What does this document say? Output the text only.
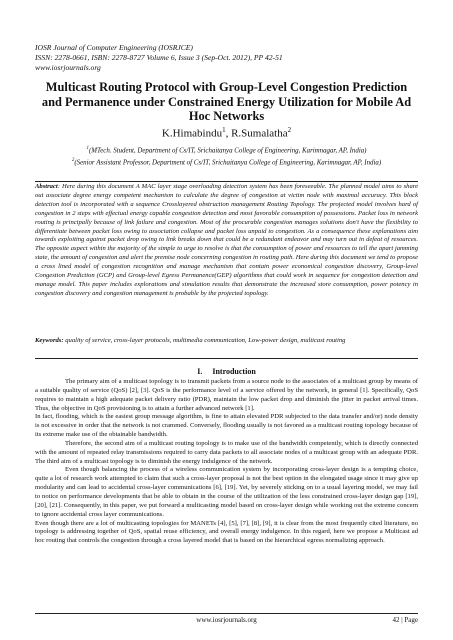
IOSR Journal of Computer Engineering (IOSRJCE)
ISSN: 2278-0661, ISBN: 2278-8727 Volume 6, Issue 3 (Sep-Oct. 2012), PP 42-51
www.iosrjournals.org
Multicast Routing Protocol with Group-Level Congestion Prediction and Permanence under Constrained Energy Utilization for Mobile Ad Hoc Networks
K.Himabindu$^1$, R.Sumalatha$^2$
$^1$(MTech. Student, Department of Cs/IT, Srichaitanya College of Engineering, Karimnagar, AP, India)
$^2$(Senior Assistant Professor, Department of Cs/IT, Srichaitanya College of Engineering, Karimnagar, AP, India)
Abstract: Here during this document A MAC layer stage overloading detection system has been foreseeable. The planned model aims to share out associate degree energy competent mechanism to calculate the degree of congestion at victim node with maximal accuracy. This block detection tool is incorporated with a sequence Crosslayered obstruction management Routing Topology. The projected model involves hard of congestion in 2 steps with effectual energy capable congestion detection and most favorable consumption of possessions. Packet loss in network routing is principally because of link failure and congestion. Most of the procurable congestion manages solutions don't have the flexibility to differentiate between packet loss owing to association collapse and packet loss unpaid to congestion. As a consequence these explanations aim towards exploiting against packet drop owing to link breaks down that could be a redundant endeavor and may turn out in defeat of resources. The opposite aspect within the majority of the simple to urge to resolve is that the consumption of power and resources to tell the apart jamming state, the amount of congestion and alert the premise node concerning congestion in routing path. Here during this document we tend to propose a cross lined model of congestion recognition and manage mechanism that contain power economical congestion discovery, Group-level Congestion Prediction (GCP) and Group-level Egress Permanence(GEP) algorithms that could work in sequence for congestion detection and manage model. This paper includes explorations and simulation results that demonstrate the increased store consumption, power potency in congestion discovery and congestion management is probable by the projected topology.
Keywords: quality of service, cross-layer protocols, multimedia communication, Low-power design, multicast routing
I. Introduction

The primary aim of a multicast topology is to transmit packets from a source node to the associates of a multicast group by means of a suitable quality of service (QoS) [2], [3]. QoS is the performance level of a service offered by the network, in general [1]. Specifically, QoS requires to maintain a high adequate packet delivery ratio (PDR), maintain the low packet drop and diminish the jitter in packet arrival times. Thus, the objective in QoS provisioning is to attain a further advanced network [1].

In fact, flooding, which is the easiest group message algorithm, is fine to attain elevated PDR subjected to the data transfer and/or) node density is not excessive in order that the network is not crammed. Conversely, flooding usually is not favored as a multicast routing topology because of its extreme make use of the obtainable bandwidth.

Therefore, the second aim of a multicast routing topology is to make use of the bandwidth competently, which is directly connected with the amount of repeated relay transmissions required to carry data packets to all associate nodes of a multicast group with an adequate PDR. The third aim of a multicast topology is to diminish the energy indulgence of the network.

Even though balancing the process of a wireless communication system by incorporating cross-layer design is a tempting choice, quite a lot of research work attempted to claim that such a cross-layer proposal is not the best option in the elongated usage since it may give up modularity and can lead to accidental cross-layer communications [6], [19]. Yet, by severely sticking on to a usual layering model, we may fail to notice on performance developments that be able to obtain in the course of the utilization of the less constrained cross-layer design gap [19], [20], [21]. Consequently, in this paper, we put forward a multicasting model based on cross-layer design while working out the extreme concern to ignore accidental cross layer communications.

Even though there are a lot of multicasting topologies for MANETs [4], [5], [7], [8], [9], it is clear from the most frequently cited literature, no topology is addressing together of QoS, spatial reuse efficiency, and overall energy indulgence. In this regard, here we propose a Multicast ad hoc routing that controls the congestion through a cross layered model that is based on the hierarchical egress normalizing approach.

www.iosrjournals.org	42 | Page
